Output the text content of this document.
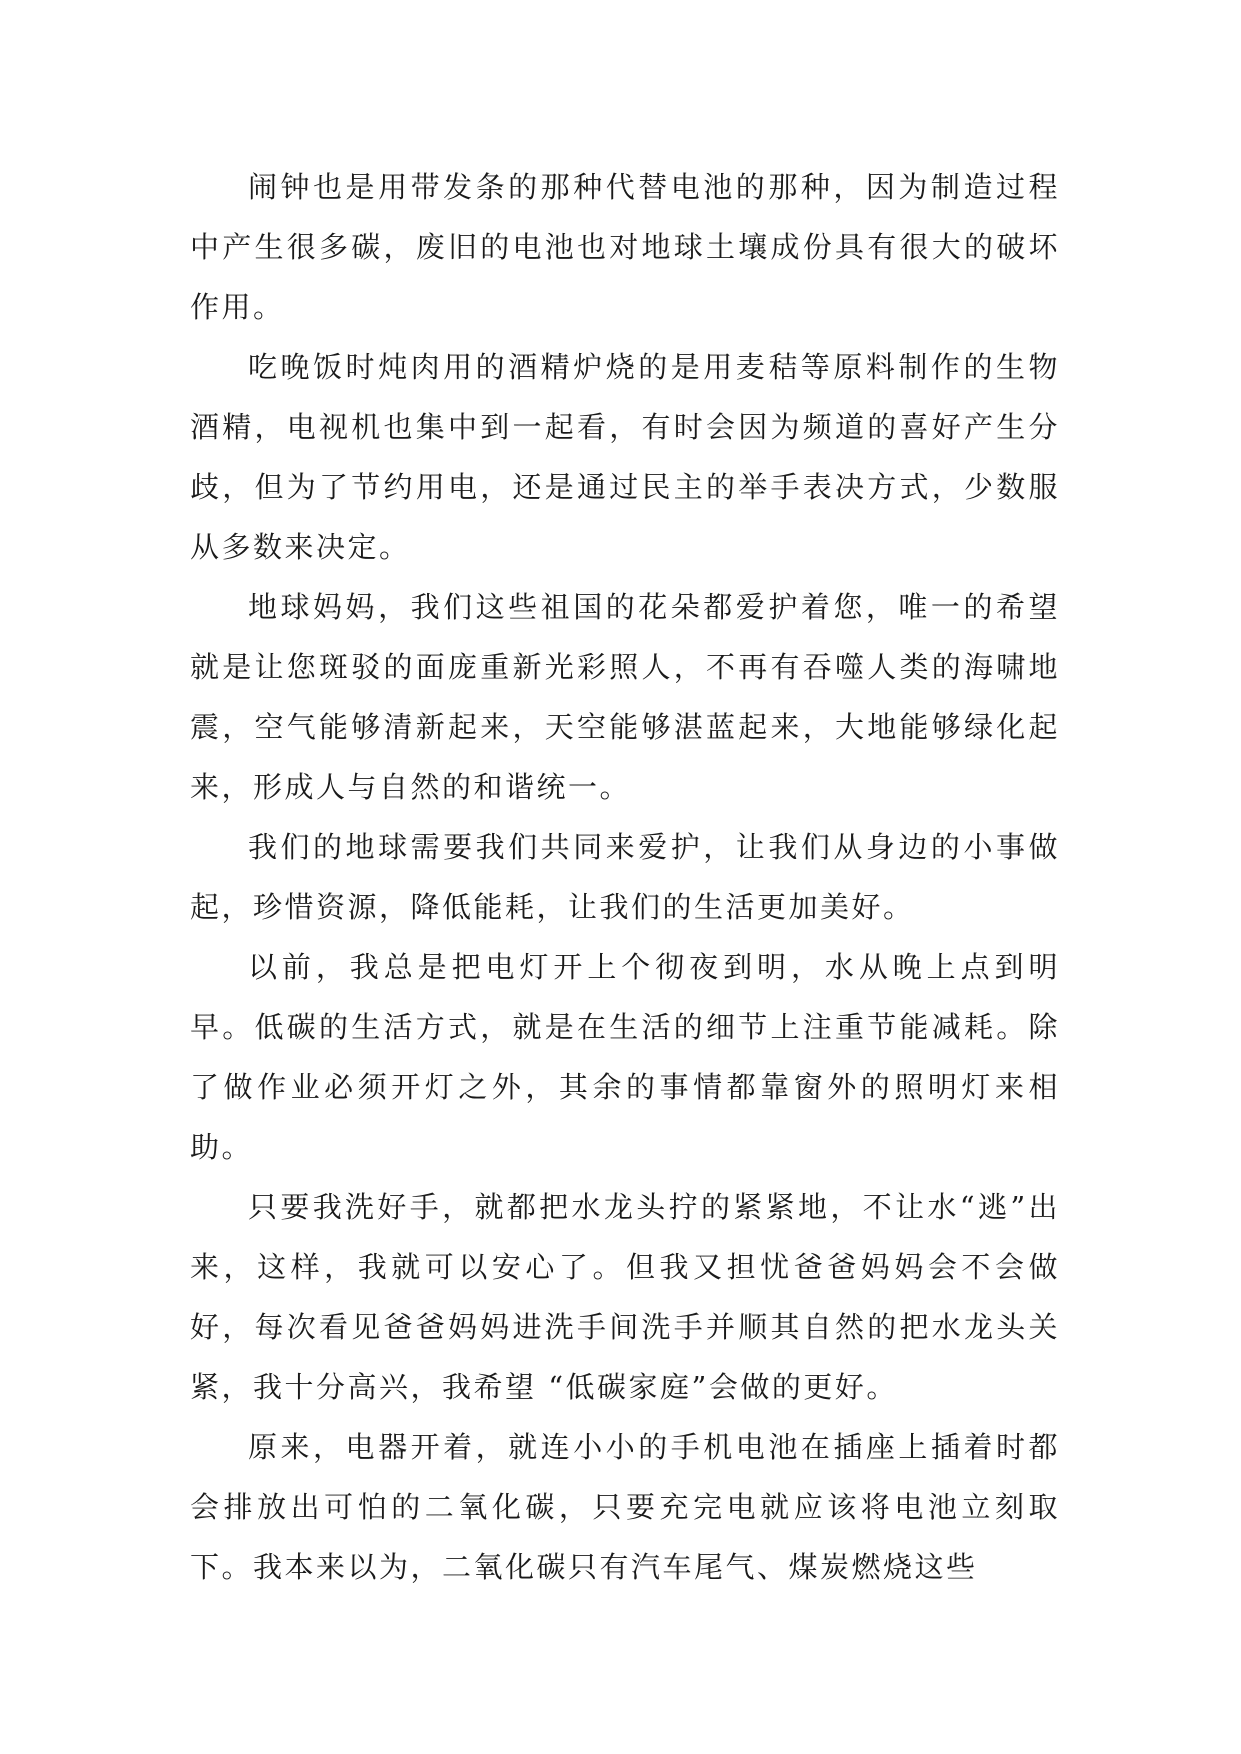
闹钟也是用带发条的那种代替电池的那种，因为制造过程中产生很多碳，废旧的电池也对地球土壤成份具有很大的破坏作用。

吃晚饭时炖肉用的酒精炉烧的是用麦秸等原料制作的生物酒精，电视机也集中到一起看，有时会因为频道的喜好产生分歧，但为了节约用电，还是通过民主的举手表决方式，少数服从多数来决定。

地球妈妈，我们这些祖国的花朵都爱护着您，唯一的希望就是让您斑驳的面庞重新光彩照人，不再有吞噬人类的海啸地震，空气能够清新起来，天空能够湛蓝起来，大地能够绿化起来，形成人与自然的和谐统一。

我们的地球需要我们共同来爱护，让我们从身边的小事做起，珍惜资源，降低能耗，让我们的生活更加美好。

以前，我总是把电灯开上个彻夜到明，水从晚上点到明早。低碳的生活方式，就是在生活的细节上注重节能减耗。除了做作业必须开灯之外，其余的事情都靠窗外的照明灯来相助。

只要我洗好手，就都把水龙头拧的紧紧地，不让水“逃”出来，这样，我就可以安心了。但我又担忧爸爸妈妈会不会做好，每次看见爸爸妈妈进洗手间洗手并顺其自然的把水龙头关紧，我十分高兴，我希望 “低碳家庭”会做的更好。

原来，电器开着，就连小小的手机电池在插座上插着时都会排放出可怕的二氧化碳，只要充完电就应该将电池立刻取下。我本来以为，二氧化碳只有汽车尾气、煤炭燃烧这些
